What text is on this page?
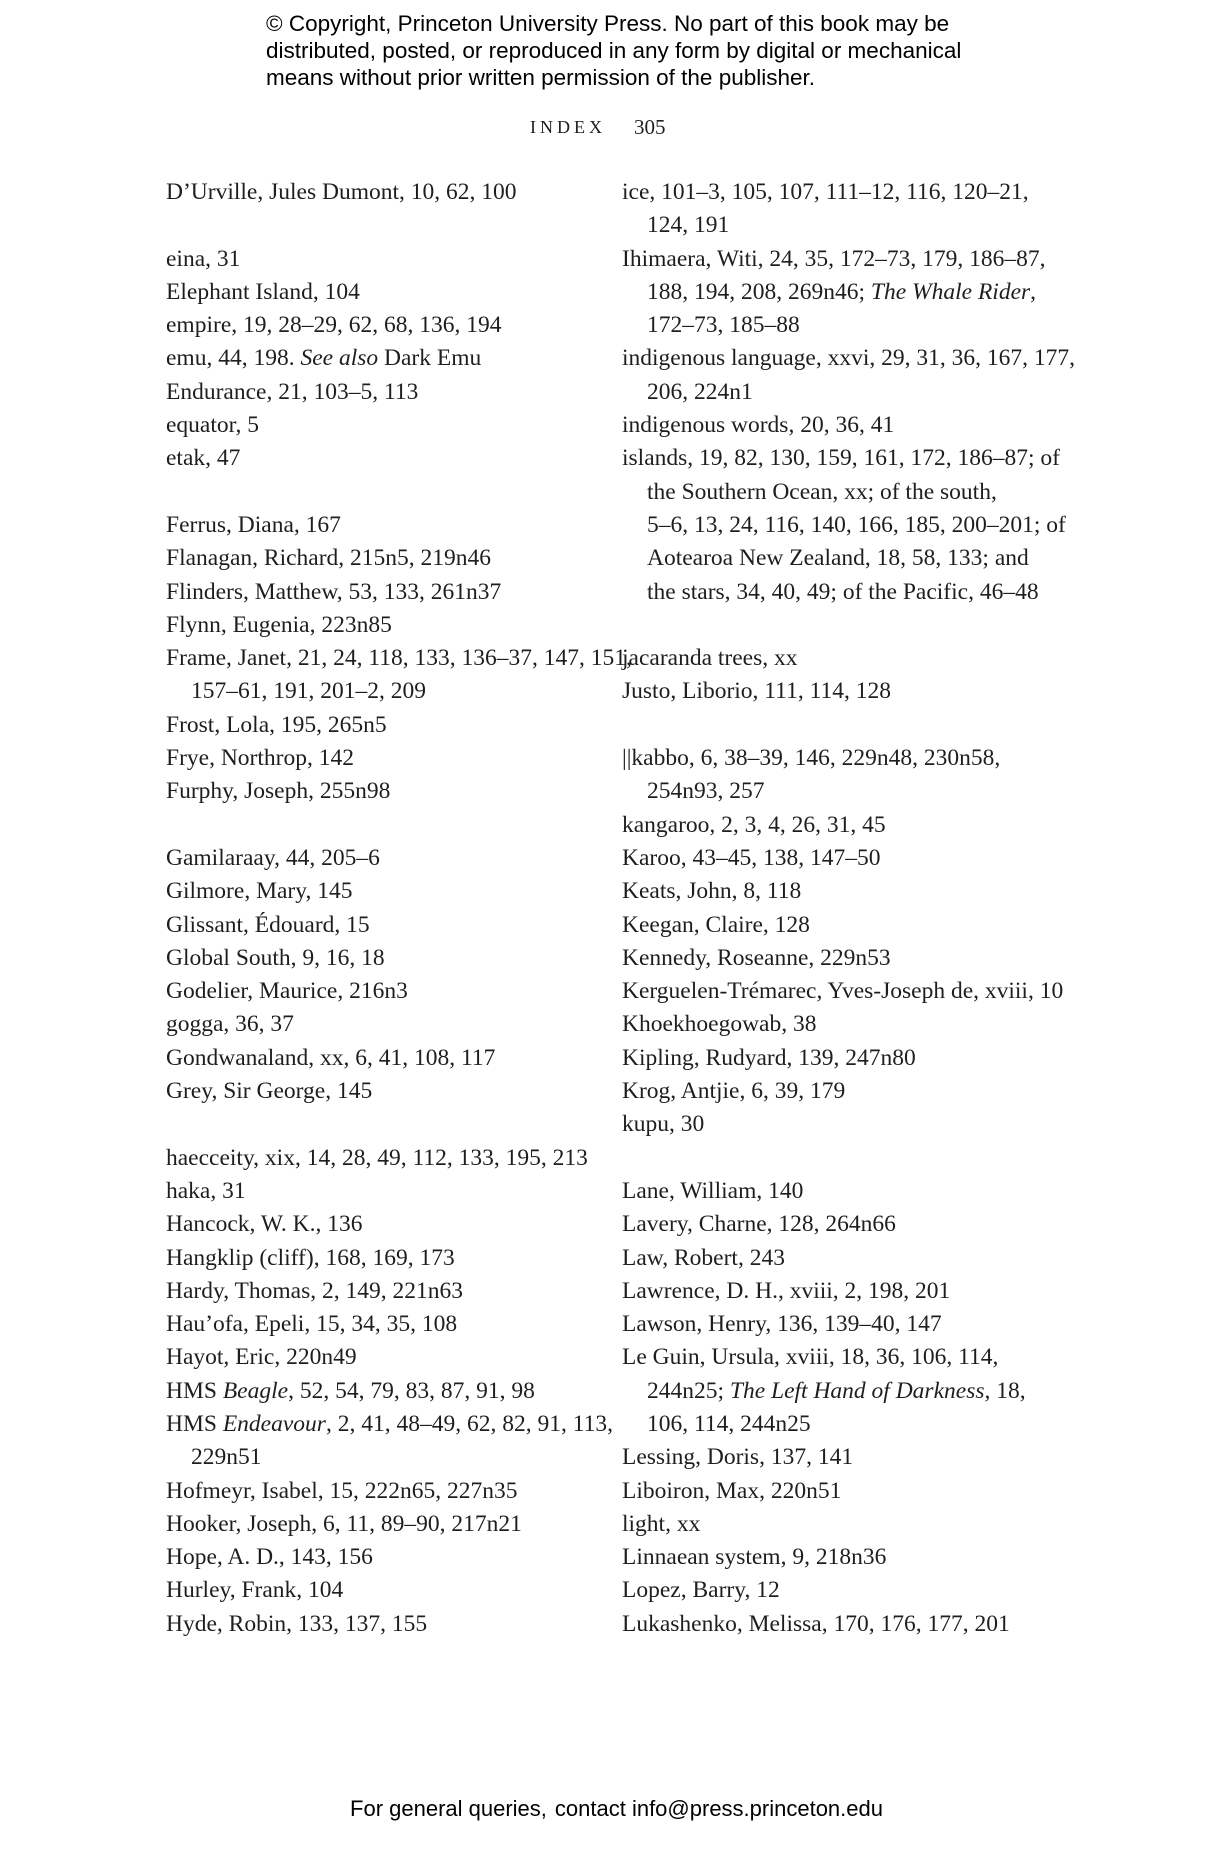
© Copyright, Princeton University Press. No part of this book may be
distributed, posted, or reproduced in any form by digital or mechanical
means without prior written permission of the publisher.
INDEX 305
D’Urville, Jules Dumont, 10, 62, 100
eina, 31
Elephant Island, 104
empire, 19, 28–29, 62, 68, 136, 194
emu, 44, 198. See also Dark Emu
Endurance, 21, 103–5, 113
equator, 5
etak, 47
Ferrus, Diana, 167
Flanagan, Richard, 215n5, 219n46
Flinders, Matthew, 53, 133, 261n37
Flynn, Eugenia, 223n85
Frame, Janet, 21, 24, 118, 133, 136–37, 147, 151,
157–61, 191, 201–2, 209
Frost, Lola, 195, 265n5
Frye, Northrop, 142
Furphy, Joseph, 255n98
Gamilaraay, 44, 205–6
Gilmore, Mary, 145
Glissant, Édouard, 15
Global South, 9, 16, 18
Godelier, Maurice, 216n3
gogga, 36, 37
Gondwanaland, xx, 6, 41, 108, 117
Grey, Sir George, 145
haecceity, xix, 14, 28, 49, 112, 133, 195, 213
haka, 31
Hancock, W. K., 136
Hangklip (cliff), 168, 169, 173
Hardy, Thomas, 2, 149, 221n63
Hau’ofa, Epeli, 15, 34, 35, 108
Hayot, Eric, 220n49
HMS Beagle, 52, 54, 79, 83, 87, 91, 98
HMS Endeavour, 2, 41, 48–49, 62, 82, 91, 113,
229n51
Hofmeyr, Isabel, 15, 222n65, 227n35
Hooker, Joseph, 6, 11, 89–90, 217n21
Hope, A. D., 143, 156
Hurley, Frank, 104
Hyde, Robin, 133, 137, 155
ice, 101–3, 105, 107, 111–12, 116, 120–21,
124, 191
Ihimaera, Witi, 24, 35, 172–73, 179, 186–87,
188, 194, 208, 269n46; The Whale Rider,
172–73, 185–88
indigenous language, xxvi, 29, 31, 36, 167, 177,
206, 224n1
indigenous words, 20, 36, 41
islands, 19, 82, 130, 159, 161, 172, 186–87; of
the Southern Ocean, xx; of the south,
5–6, 13, 24, 116, 140, 166, 185, 200–201; of
Aotearoa New Zealand, 18, 58, 133; and
the stars, 34, 40, 49; of the Pacific, 46–48
jacaranda trees, xx
Justo, Liborio, 111, 114, 128
||kabbo, 6, 38–39, 146, 229n48, 230n58,
254n93, 257
kangaroo, 2, 3, 4, 26, 31, 45
Karoo, 43–45, 138, 147–50
Keats, John, 8, 118
Keegan, Claire, 128
Kennedy, Roseanne, 229n53
Kerguelen-Trémarec, Yves-Joseph de, xviii, 10
Khoekhoegowab, 38
Kipling, Rudyard, 139, 247n80
Krog, Antjie, 6, 39, 179
kupu, 30
Lane, William, 140
Lavery, Charne, 128, 264n66
Law, Robert, 243
Lawrence, D. H., xviii, 2, 198, 201
Lawson, Henry, 136, 139–40, 147
Le Guin, Ursula, xviii, 18, 36, 106, 114,
244n25; The Left Hand of Darkness, 18,
106, 114, 244n25
Lessing, Doris, 137, 141
Liboiron, Max, 220n51
light, xx
Linnaean system, 9, 218n36
Lopez, Barry, 12
Lukashenko, Melissa, 170, 176, 177, 201
For general queries, contact info@press.princeton.edu
